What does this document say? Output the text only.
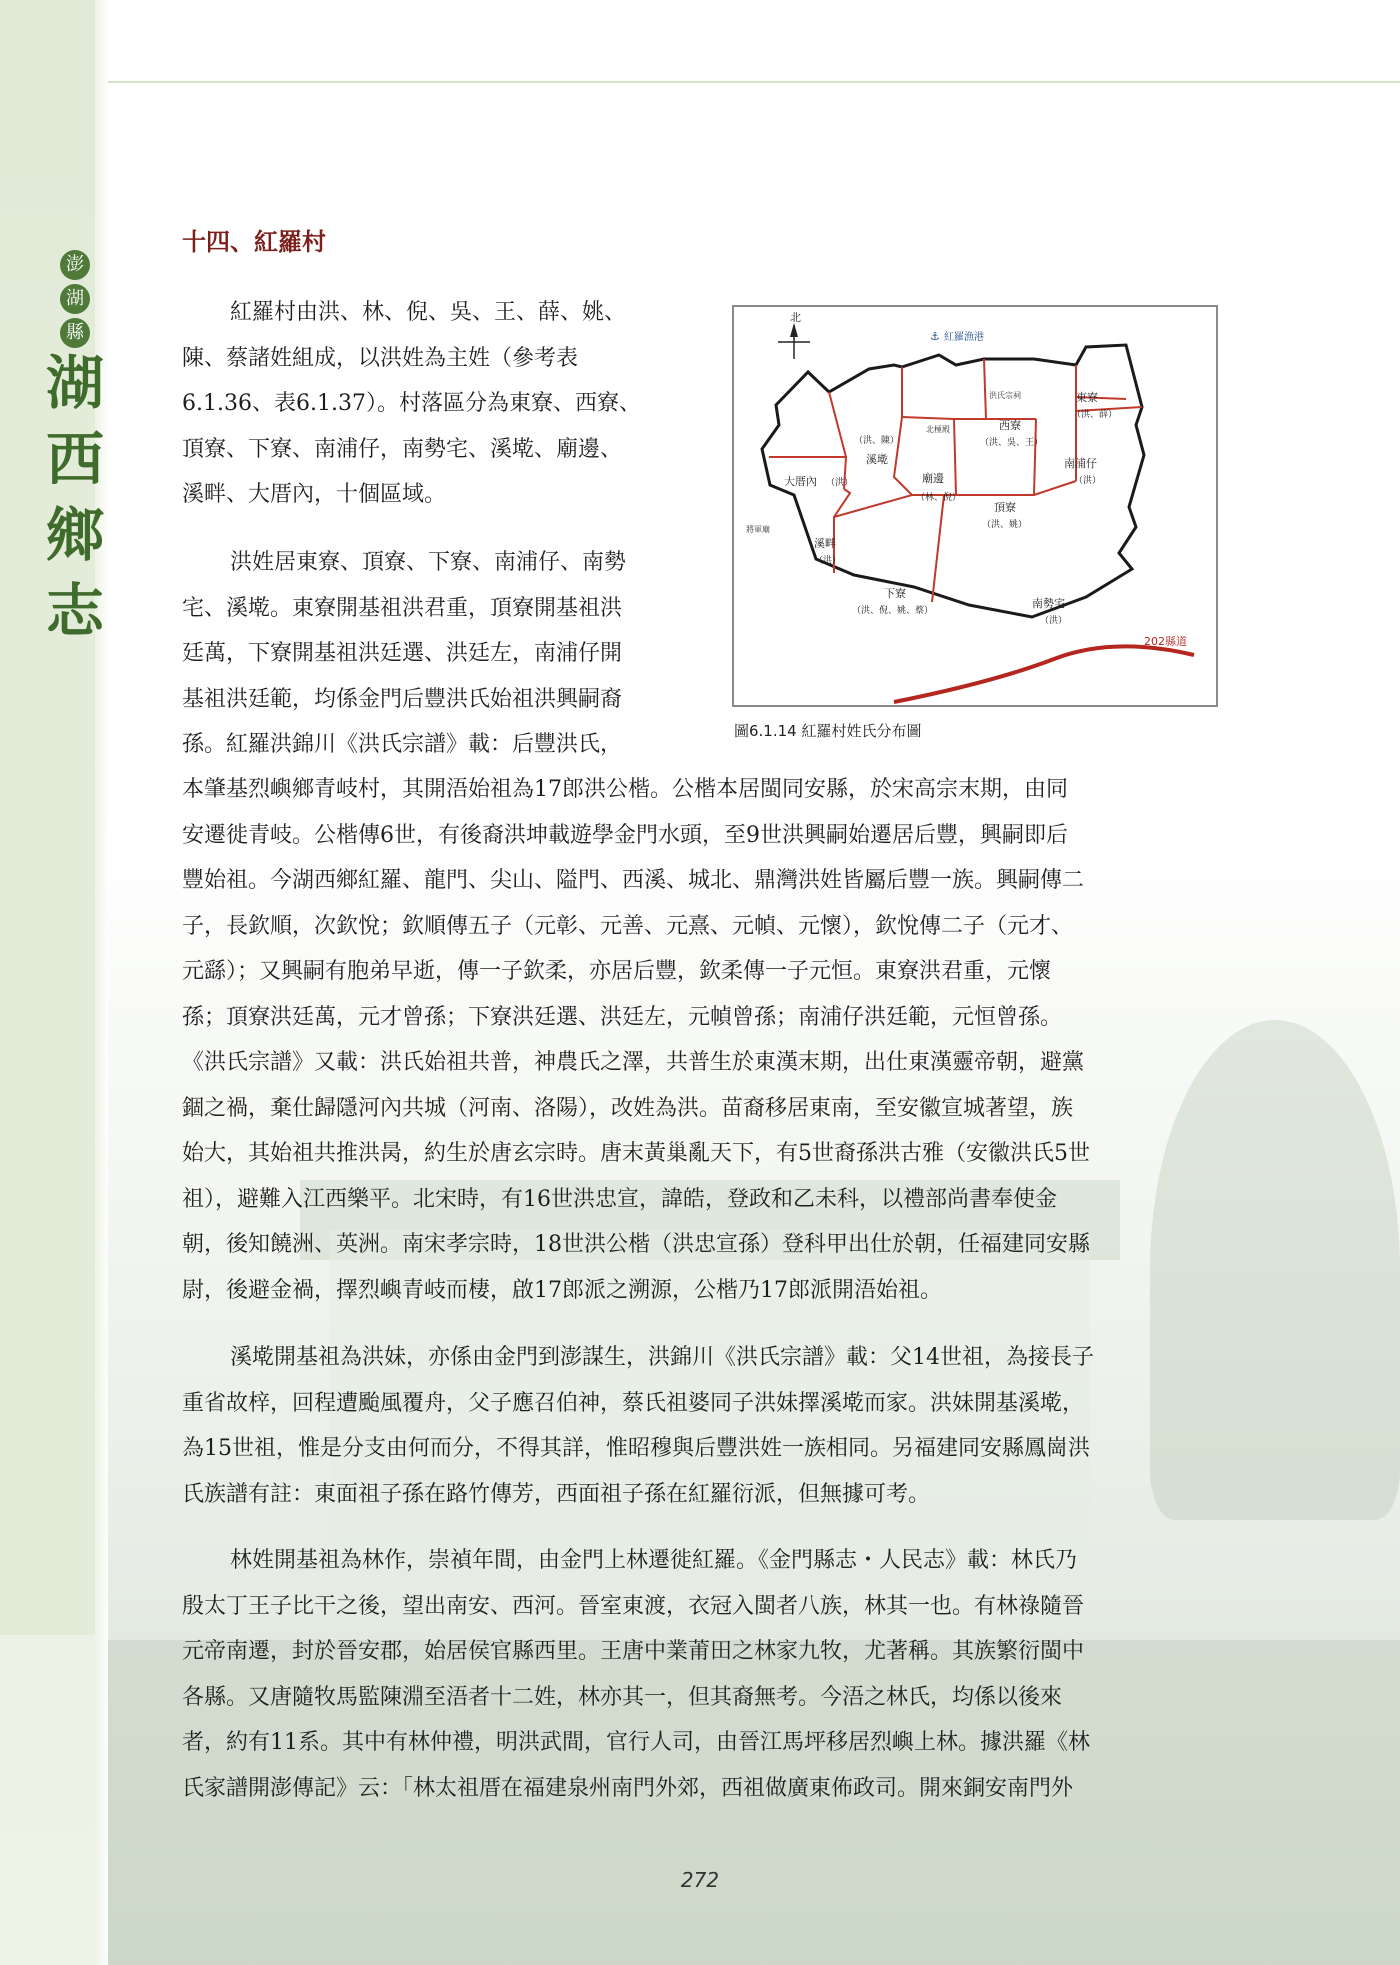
澎
湖
縣
湖
西
鄉
志
十四、紅羅村

紅羅村由洪、林、倪、吳、王、薛、姚、
陳、蔡諸姓組成，以洪姓為主姓（參考表
6.1.36、表6.1.37）。村落區分為東寮、西寮、
頂寮、下寮、南浦仔，南勢宅、溪墘、廟邊、
溪畔、大厝內，十個區域。

洪姓居東寮、頂寮、下寮、南浦仔、南勢
宅、溪墘。東寮開基祖洪君重，頂寮開基祖洪
廷萬，下寮開基祖洪廷選、洪廷左，南浦仔開
基祖洪廷範，均係金門后豐洪氏始祖洪興嗣裔
孫。紅羅洪錦川《洪氏宗譜》載：后豐洪氏，

本肇基烈嶼鄉青岐村，其開浯始祖為17郎洪公楷。公楷本居閩同安縣，於宋高宗末期，由同
安遷徙青岐。公楷傳6世，有後裔洪坤載遊學金門水頭，至9世洪興嗣始遷居后豐，興嗣即后
豐始祖。今湖西鄉紅羅、龍門、尖山、隘門、西溪、城北、鼎灣洪姓皆屬后豐一族。興嗣傳二
子，長欽順，次欽悅；欽順傳五子（元彰、元善、元熹、元幀、元懷），欽悅傳二子（元才、
元繇）；又興嗣有胞弟早逝，傳一子欽柔，亦居后豐，欽柔傳一子元恒。東寮洪君重，元懷
孫；頂寮洪廷萬，元才曾孫；下寮洪廷選、洪廷左，元幀曾孫；南浦仔洪廷範，元恒曾孫。
《洪氏宗譜》又載：洪氏始祖共普，神農氏之澤，共普生於東漢末期，出仕東漢靈帝朝，避黨
錮之禍，棄仕歸隱河內共城（河南、洛陽），改姓為洪。苗裔移居東南，至安徽宣城著望，族
始大，其始祖共推洪昺，約生於唐玄宗時。唐末黃巢亂天下，有5世裔孫洪古雅（安徽洪氏5世
祖），避難入江西樂平。北宋時，有16世洪忠宣，諱皓，登政和乙未科，以禮部尚書奉使金
朝，後知饒洲、英洲。南宋孝宗時，18世洪公楷（洪忠宣孫）登科甲出仕於朝，任福建同安縣
尉，後避金禍，擇烈嶼青岐而棲，啟17郎派之溯源，公楷乃17郎派開浯始祖。

溪墘開基祖為洪妹，亦係由金門到澎謀生，洪錦川《洪氏宗譜》載：父14世祖，為接長子
重省故梓，回程遭颱風覆舟，父子應召伯神，蔡氏祖婆同子洪妹擇溪墘而家。洪妹開基溪墘，
為15世祖，惟是分支由何而分，不得其詳，惟昭穆與后豐洪姓一族相同。另福建同安縣鳳崗洪
氏族譜有註：東面祖子孫在路竹傳芳，西面祖子孫在紅羅衍派，但無據可考。

林姓開基祖為林作，崇禎年間，由金門上林遷徙紅羅。《金門縣志・人民志》載：林氏乃
殷太丁王子比干之後，望出南安、西河。晉室東渡，衣冠入閩者八族，林其一也。有林祿隨晉
元帝南遷，封於晉安郡，始居侯官縣西里。王唐中業莆田之林家九牧，尤著稱。其族繁衍閩中
各縣。又唐隨牧馬監陳淵至浯者十二姓，林亦其一，但其裔無考。今浯之林氏，均係以後來
者，約有11系。其中有林仲禮，明洪武間，官行人司，由晉江馬坪移居烈嶼上林。據洪羅《林
氏家譜開澎傳記》云：「林太祖厝在福建泉州南門外郊，西祖做廣東佈政司。開來銅安南門外

北
⚓ 紅羅漁港
202縣道
洪氏宗祠
北極殿
將軍廟
東寮
（洪、薛）
西寮
（洪、吳、王）
（洪、陳）
溪墘
廟邊
（林、倪）
南浦仔
（洪）
大厝內 （洪）
頂寮
（洪、姚）
溪畔
（洪）
下寮
（洪、倪、姚、蔡）
南勢宅
（洪）
圖6.1.14 紅羅村姓氏分布圖
272
